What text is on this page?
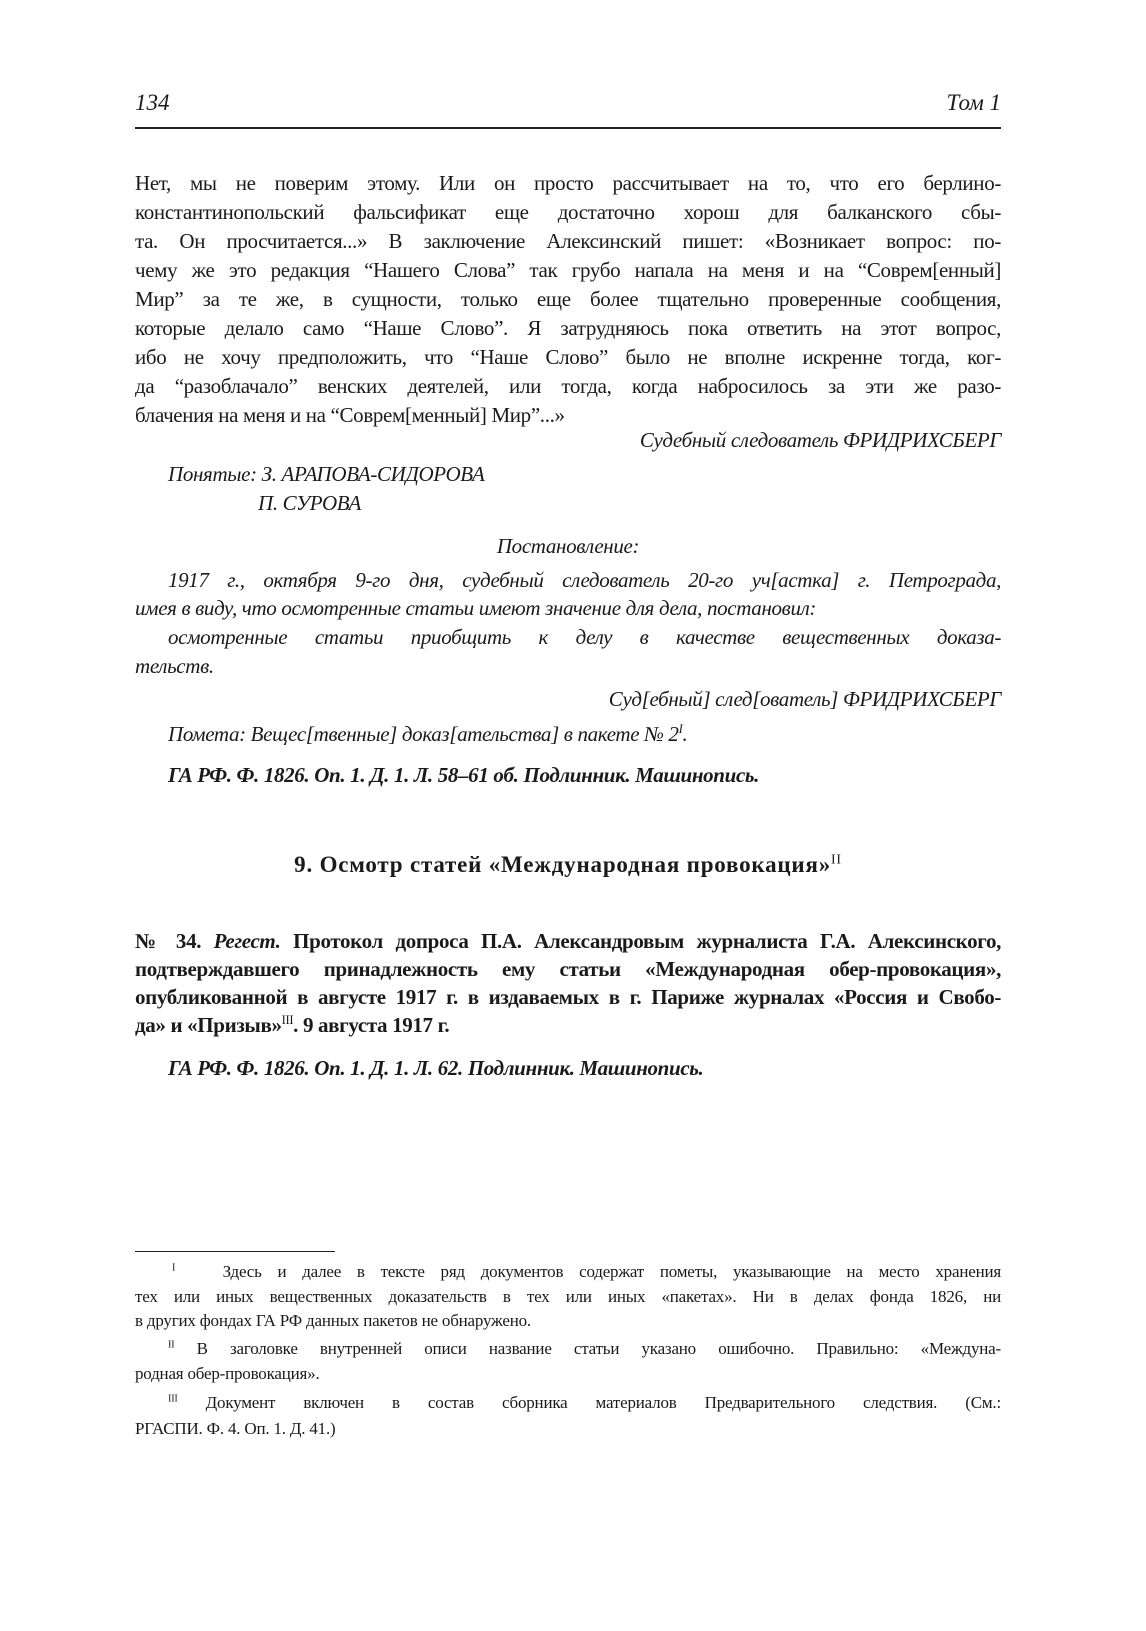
134	Том 1
Нет, мы не поверим этому. Или он просто рассчитывает на то, что его берлино-
константинопольский фальсификат еще достаточно хорош для балканского сбы-
та. Он просчитается...» В заключение Алексинский пишет: «Возникает вопрос: по-
чему же это редакция “Нашего Слова” так грубо напала на меня и на “Соврем[енный]
Мир” за те же, в сущности, только еще более тщательно проверенные сообщения,
которые делало само “Наше Слово”. Я затрудняюсь пока ответить на этот вопрос,
ибо не хочу предположить, что “Наше Слово” было не вполне искренне тогда, ког-
да “разоблачало” венских деятелей, или тогда, когда набросилось за эти же разо-
блачения на меня и на “Соврем[менный] Мир”...»
Судебный следователь ФРИДРИХСБЕРГ
Понятые: З. АРАПОВА-СИДОРОВА
П. СУРОВА
Постановление:
1917 г., октября 9-го дня, судебный следователь 20-го уч[астка] г. Петрограда,
имея в виду, что осмотренные статьи имеют значение для дела, постановил:
осмотренные статьи приобщить к делу в качестве вещественных доказа-
тельств.
Суд[ебный] след[ователь] ФРИДРИХСБЕРГ
Помета: Вещес[твенные] доказ[ательства] в пакете № $2^I$.
ГА РФ. Ф. 1826. Оп. 1. Д. 1. Л. 58–61 об. Подлинник. Машинопись.
9. Осмотр статей «Международная провокация»$^{II}$
№ 34. Регест. Протокол допроса П.А. Александровым журналиста Г.А. Алексинского,
подтверждавшего принадлежность ему статьи «Международная обер-провокация»,
опубликованной в августе 1917 г. в издаваемых в г. Париже журналах «Россия и Свобо-
да» и «Призыв»$^{III}$. 9 августа 1917 г.
ГА РФ. Ф. 1826. Оп. 1. Д. 1. Л. 62. Подлинник. Машинопись.
$^I$	Здесь и далее в тексте ряд документов содержат пометы, указывающие на место хранения
тех или иных вещественных доказательств в тех или иных «пакетах». Ни в делах фонда 1826, ни
в других фондах ГА РФ данных пакетов не обнаружено.
$^{II}$ В заголовке внутренней описи название статьи указано ошибочно. Правильно: «Междуна-
родная обер-провокация».
$^{III}$ Документ включен в состав сборника материалов Предварительного следствия. (См.:
РГАСПИ. Ф. 4. Оп. 1. Д. 41.)
